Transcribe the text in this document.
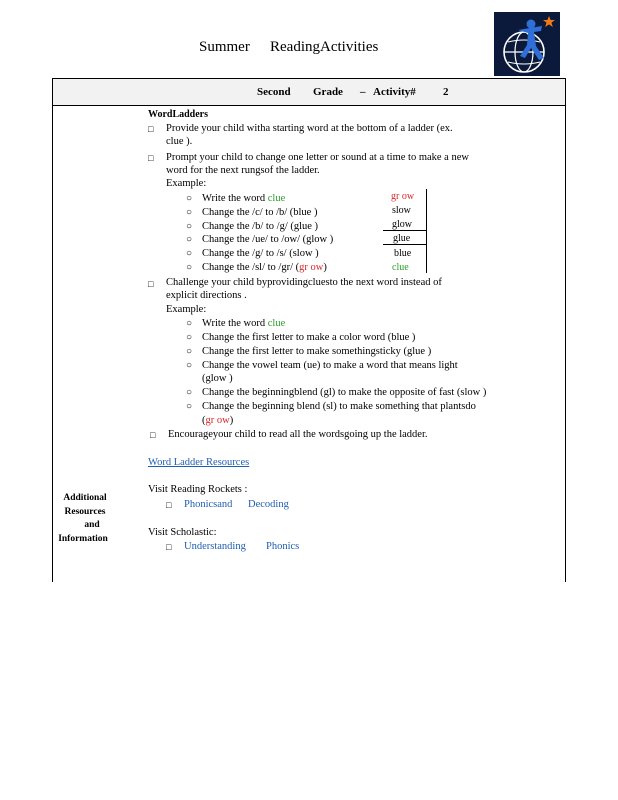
Summer ReadingActivities
Second Grade – Activity# 2
WordLadders
□ Provide your child witha starting word at the bottom of a ladder (ex.
clue ).
□ Prompt your child to change one letter or sound at a time to make a new
word for the next rungsof the ladder.
Example:
○ Write the word clue
○ Change the /c/ to /b/ (blue )
○ Change the /b/ to /g/ (glue )
○ Change the /ue/ to /ow/ (glow )
○ Change the /g/ to /s/ (slow )
○ Change the /sl/ to /gr/ (gr ow)
gr ow
slow
glow
glue
blue
clue
□ Challenge your child byprovidingcluesto the next word instead of
explicit directions .
Example:
○ Write the word clue
○ Change the first letter to make a color word (blue )
○ Change the first letter to make somethingsticky (glue )
○ Change the vowel team (ue) to make a word that means light
(glow )
○ Change the beginningblend (gl) to make the opposite of fast (slow )
○ Change the beginning blend (sl) to make something that plantsdo
(gr ow)
□ Encourageyour child to read all the wordsgoing up the ladder.
Word Ladder Resources
Visit Reading Rockets :
□ Phonicsand Decoding
Visit Scholastic:
□ Understanding Phonics
Additional
Resources
and
Information
